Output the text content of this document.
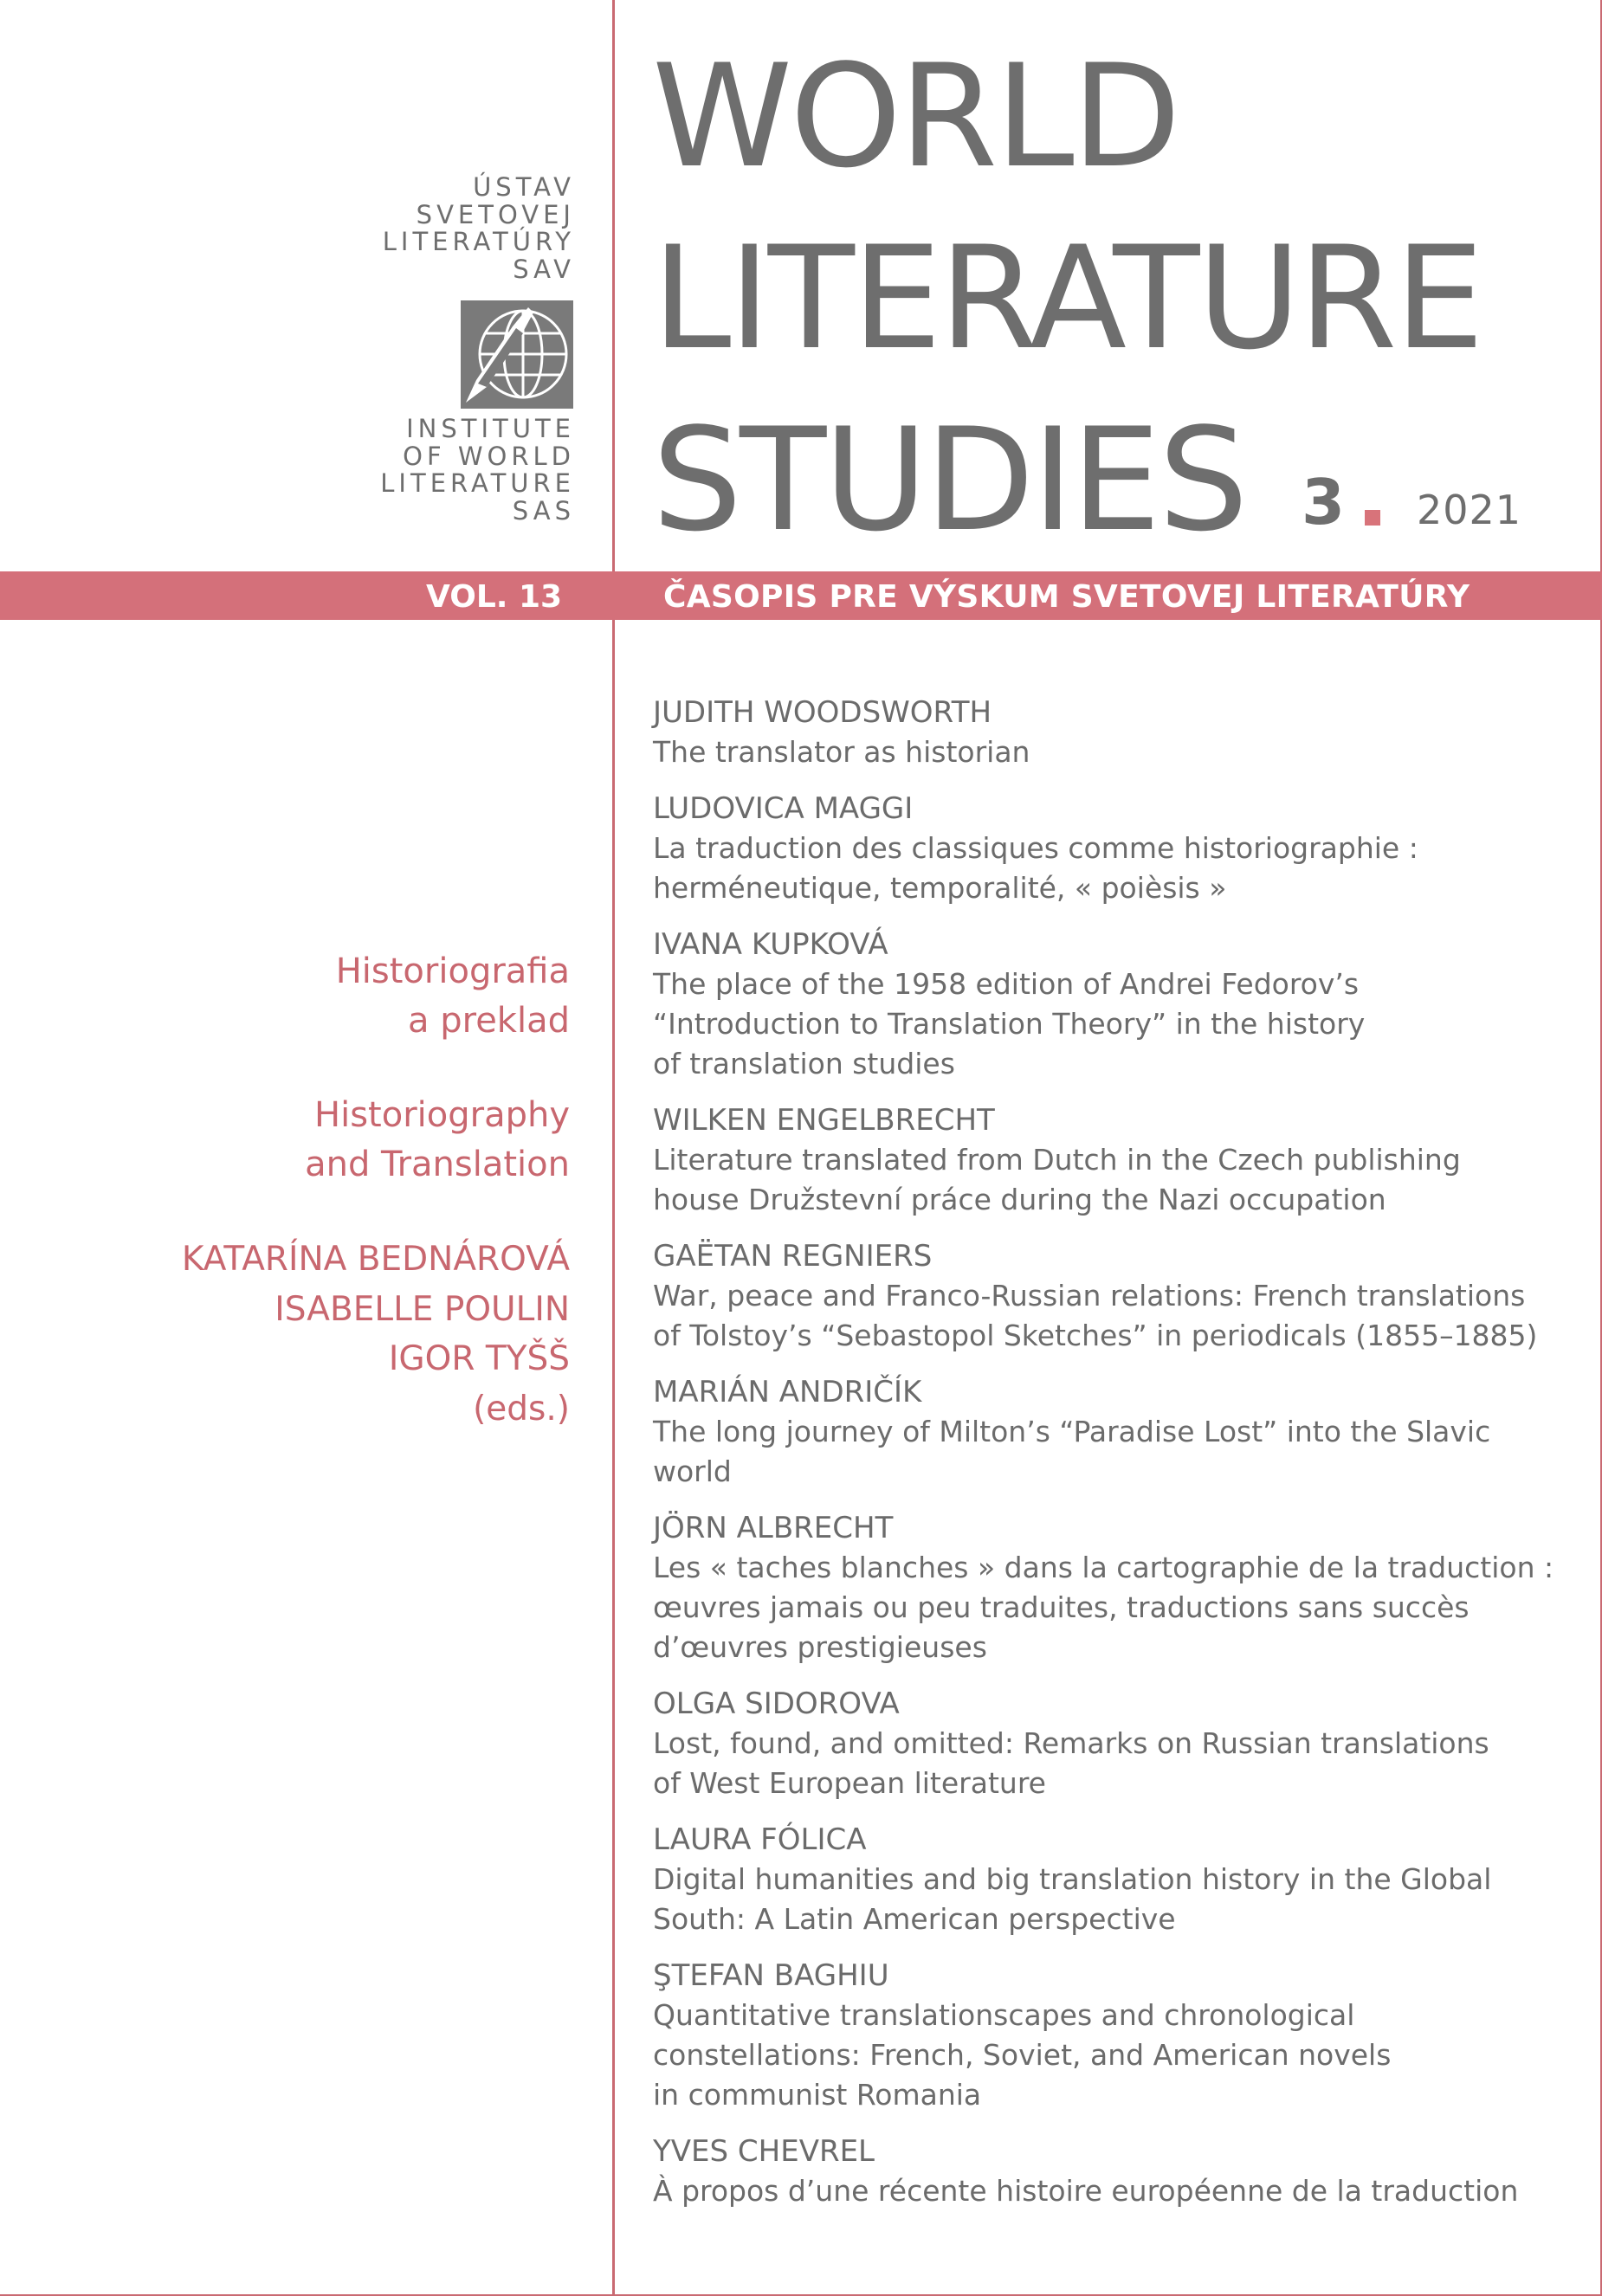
ÚSTAV
SVETOVEJ
LITERATÚRY
SAV
INSTITUTE
OF WORLD
LITERATURE
SAS
WORLD
LITERATURE
STUDIES 3 2021
VOL. 13	ČASOPIS PRE VÝSKUM SVETOVEJ LITERATÚRY
Historiografia
a preklad
Historiography
and Translation
KATARÍNA BEDNÁROVÁ
ISABELLE POULIN
IGOR TYŠŠ
(eds.)
JUDITH WOODSWORTH
The translator as historian
LUDOVICA MAGGI
La traduction des classiques comme historiographie :
herméneutique, temporalité, « poièsis »
IVANA KUPKOVÁ
The place of the 1958 edition of Andrei Fedorov’s
“Introduction to Translation Theory” in the history
of translation studies
WILKEN ENGELBRECHT
Literature translated from Dutch in the Czech publishing
house Družstevní práce during the Nazi occupation
GAËTAN REGNIERS
War, peace and Franco-Russian relations: French translations
of Tolstoy’s “Sebastopol Sketches” in periodicals (1855–1885)
MARIÁN ANDRIČÍK
The long journey of Milton’s “Paradise Lost” into the Slavic
world
JÖRN ALBRECHT
Les « taches blanches » dans la cartographie de la traduction :
œuvres jamais ou peu traduites, traductions sans succès
d’œuvres prestigieuses
OLGA SIDOROVA
Lost, found, and omitted: Remarks on Russian translations
of West European literature
LAURA FÓLICA
Digital humanities and big translation history in the Global
South: A Latin American perspective
ŞTEFAN BAGHIU
Quantitative translationscapes and chronological
constellations: French, Soviet, and American novels
in communist Romania
YVES CHEVREL
À propos d’une récente histoire européenne de la traduction
